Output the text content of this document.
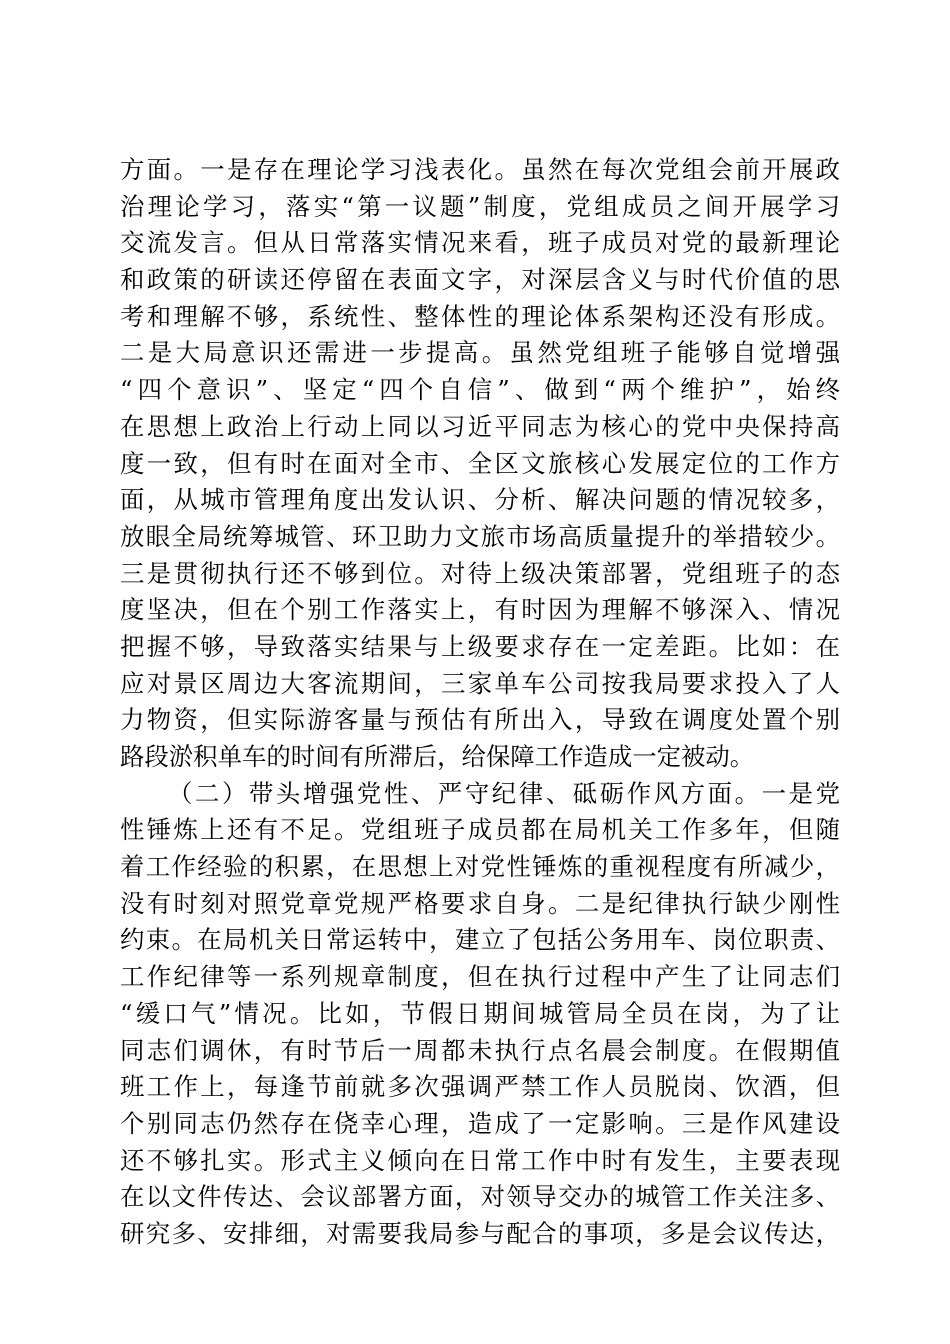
方面。一是存在理论学习浅表化。虽然在每次党组会前开展政
治理论学习，落实“第一议题”制度，党组成员之间开展学习
交流发言。但从日常落实情况来看，班子成员对党的最新理论
和政策的研读还停留在表面文字，对深层含义与时代价值的思
考和理解不够，系统性、整体性的理论体系架构还没有形成。
二是大局意识还需进一步提高。虽然党组班子能够自觉增强
“四个意识”、坚定“四个自信”、做到“两个维护”，始终
在思想上政治上行动上同以习近平同志为核心的党中央保持高
度一致，但有时在面对全市、全区文旅核心发展定位的工作方
面，从城市管理角度出发认识、分析、解决问题的情况较多，
放眼全局统筹城管、环卫助力文旅市场高质量提升的举措较少。
三是贯彻执行还不够到位。对待上级决策部署，党组班子的态
度坚决，但在个别工作落实上，有时因为理解不够深入、情况
把握不够，导致落实结果与上级要求存在一定差距。比如：在
应对景区周边大客流期间，三家单车公司按我局要求投入了人
力物资，但实际游客量与预估有所出入，导致在调度处置个别
路段淤积单车的时间有所滞后，给保障工作造成一定被动。
（二）带头增强党性、严守纪律、砥砺作风方面。一是党
性锤炼上还有不足。党组班子成员都在局机关工作多年，但随
着工作经验的积累，在思想上对党性锤炼的重视程度有所减少，
没有时刻对照党章党规严格要求自身。二是纪律执行缺少刚性
约束。在局机关日常运转中，建立了包括公务用车、岗位职责、
工作纪律等一系列规章制度，但在执行过程中产生了让同志们
“缓口气”情况。比如，节假日期间城管局全员在岗，为了让
同志们调休，有时节后一周都未执行点名晨会制度。在假期值
班工作上，每逢节前就多次强调严禁工作人员脱岗、饮酒，但
个别同志仍然存在侥幸心理，造成了一定影响。三是作风建设
还不够扎实。形式主义倾向在日常工作中时有发生，主要表现
在以文件传达、会议部署方面，对领导交办的城管工作关注多、
研究多、安排细，对需要我局参与配合的事项，多是会议传达，
